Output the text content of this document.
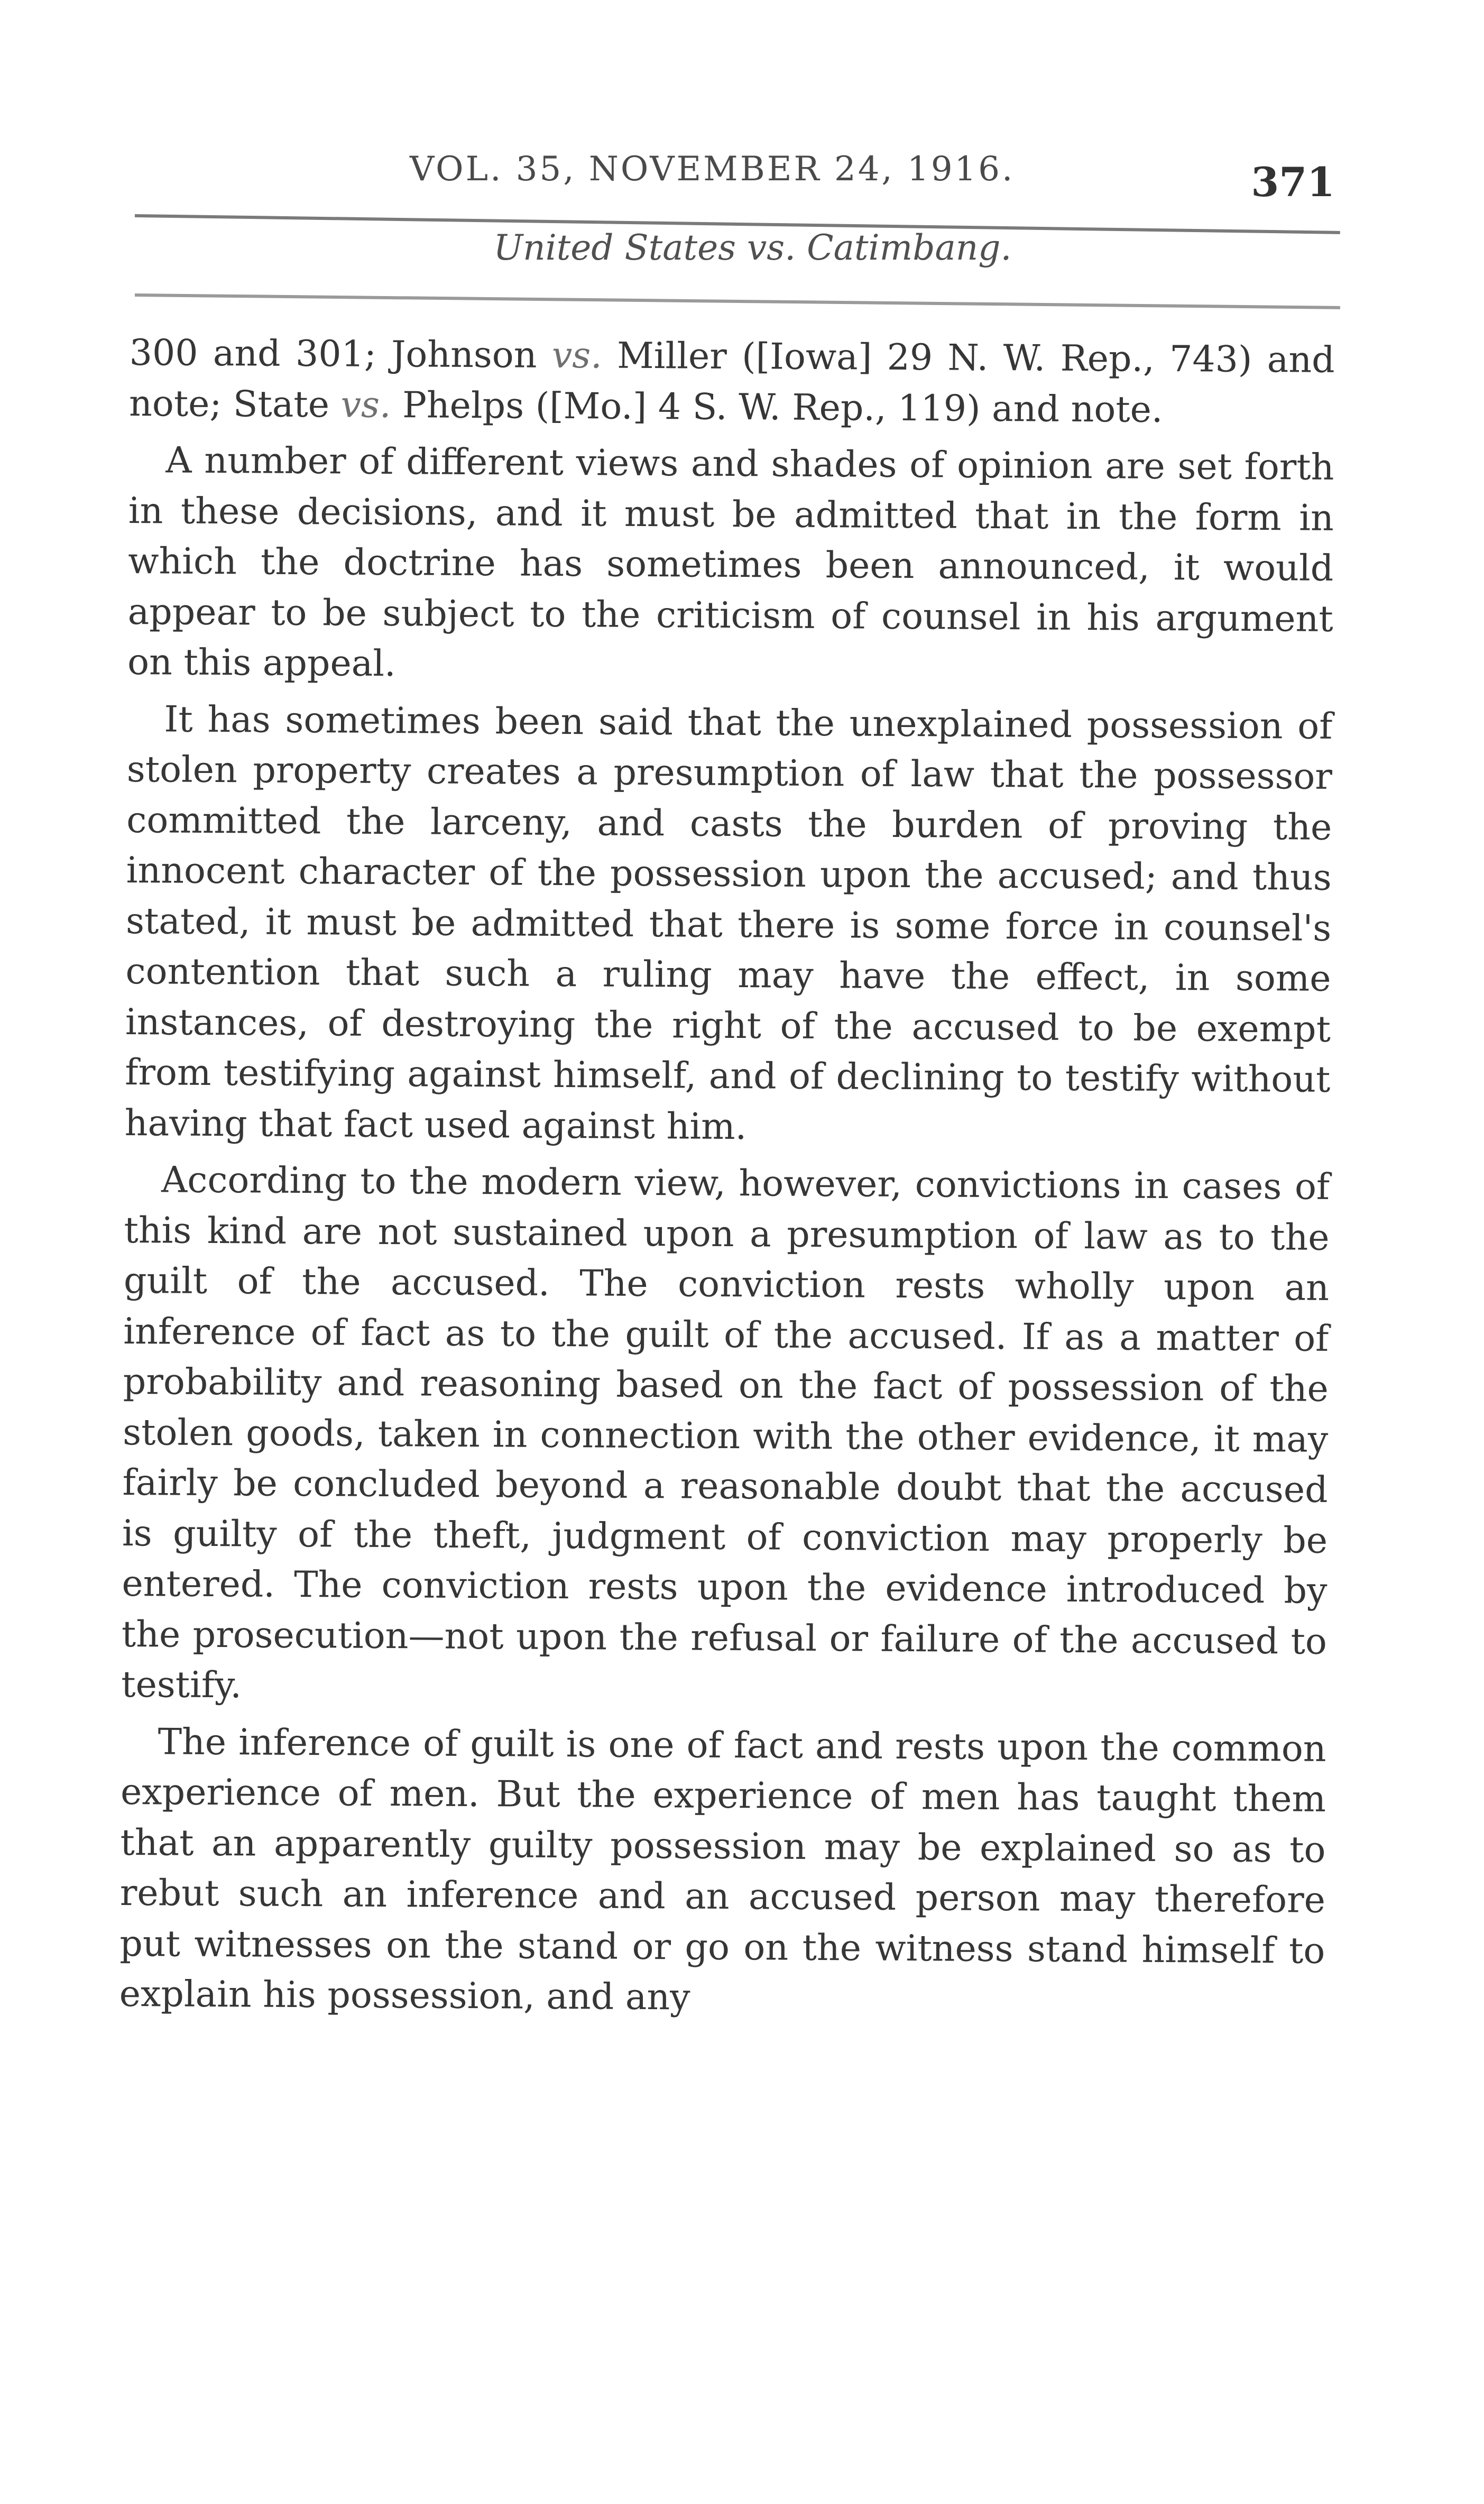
VOL. 35, NOVEMBER 24, 1916.	371
United States vs. Catimbang.

300 and 301; Johnson vs. Miller ([Iowa] 29 N. W. Rep., 743) and note; State vs. Phelps ([Mo.] 4 S. W. Rep., 119) and note.

A number of different views and shades of opinion are set forth in these decisions, and it must be admitted that in the form in which the doctrine has sometimes been announced, it would appear to be subject to the criticism of counsel in his argument on this appeal.

It has sometimes been said that the unexplained possession of stolen property creates a presumption of law that the possessor committed the larceny, and casts the burden of proving the innocent character of the possession upon the accused; and thus stated, it must be admitted that there is some force in counsel's contention that such a ruling may have the effect, in some instances, of destroying the right of the accused to be exempt from testifying against himself, and of declining to testify without having that fact used against him.

According to the modern view, however, convictions in cases of this kind are not sustained upon a presumption of law as to the guilt of the accused. The conviction rests wholly upon an inference of fact as to the guilt of the accused. If as a matter of probability and reasoning based on the fact of possession of the stolen goods, taken in connection with the other evidence, it may fairly be concluded beyond a reasonable doubt that the accused is guilty of the theft, judgment of conviction may properly be entered. The conviction rests upon the evidence introduced by the prosecution—not upon the refusal or failure of the accused to testify.

The inference of guilt is one of fact and rests upon the common experience of men. But the experience of men has taught them that an apparently guilty possession may be explained so as to rebut such an inference and an accused person may therefore put witnesses on the stand or go on the witness stand himself to explain his possession, and any
